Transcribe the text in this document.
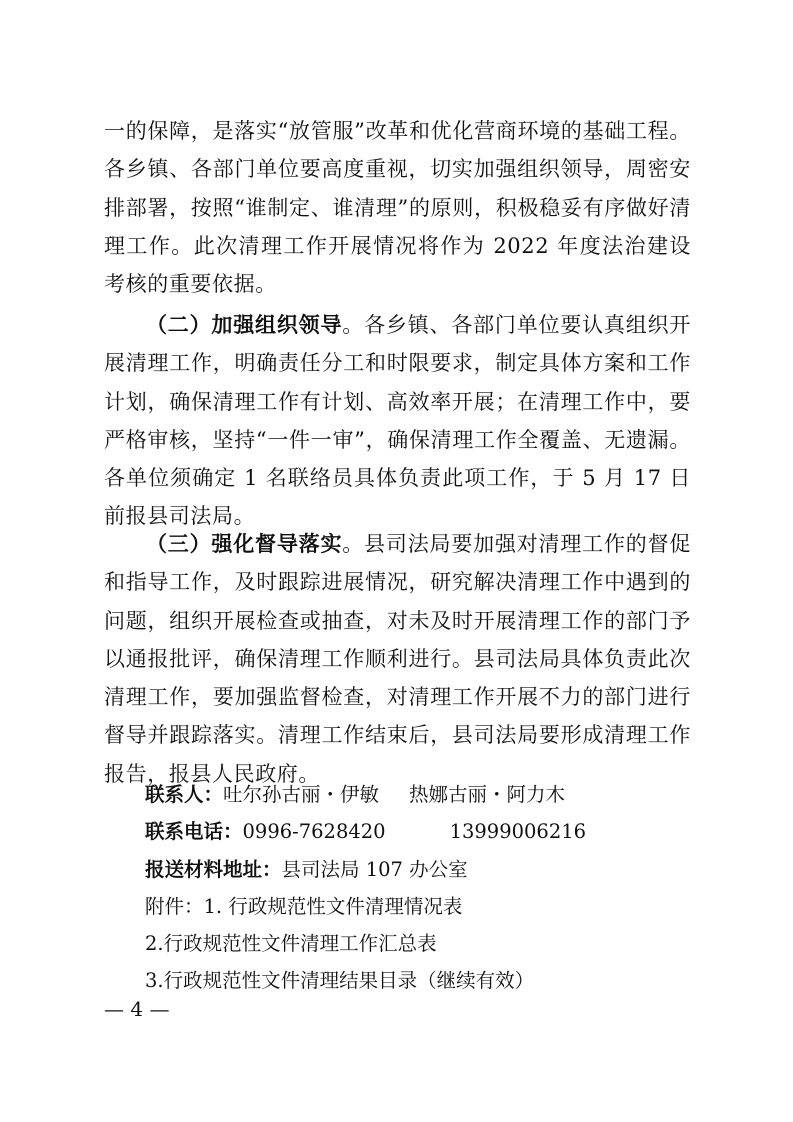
一的保障，是落实“放管服”改革和优化营商环境的基础工程。各乡镇、各部门单位要高度重视，切实加强组织领导，周密安排部署，按照“谁制定、谁清理”的原则，积极稳妥有序做好清理工作。此次清理工作开展情况将作为 2022 年度法治建设考核的重要依据。

（二）加强组织领导。各乡镇、各部门单位要认真组织开展清理工作，明确责任分工和时限要求，制定具体方案和工作计划，确保清理工作有计划、高效率开展；在清理工作中，要严格审核，坚持“一件一审”，确保清理工作全覆盖、无遗漏。各单位须确定 1 名联络员具体负责此项工作，于 5 月 17 日前报县司法局。

（三）强化督导落实。县司法局要加强对清理工作的督促和指导工作，及时跟踪进展情况，研究解决清理工作中遇到的问题，组织开展检查或抽查，对未及时开展清理工作的部门予以通报批评，确保清理工作顺利进行。县司法局具体负责此次清理工作，要加强监督检查，对清理工作开展不力的部门进行督导并跟踪落实。清理工作结束后，县司法局要形成清理工作报告，报县人民政府。

联系人：吐尔孙古丽・伊敏 热娜古丽・阿力木
联系电话：0996-7628420	13999006216
报送材料地址：县司法局 107 办公室
附件：1. 行政规范性文件清理情况表
2.行政规范性文件清理工作汇总表
3.行政规范性文件清理结果目录（继续有效）
— 4 —
